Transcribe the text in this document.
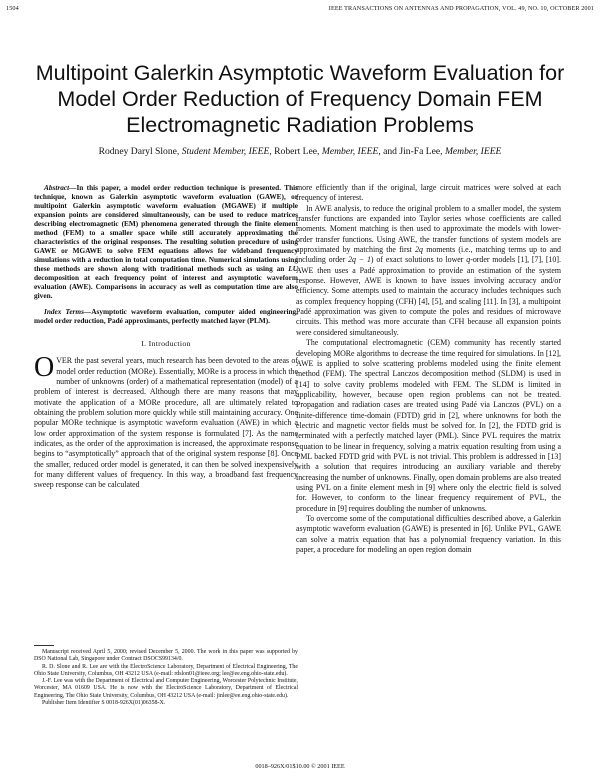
1504	IEEE TRANSACTIONS ON ANTENNAS AND PROPAGATION, VOL. 49, NO. 10, OCTOBER 2001
Multipoint Galerkin Asymptotic Waveform Evaluation for Model Order Reduction of Frequency Domain FEM Electromagnetic Radiation Problems
Rodney Daryl Slone, Student Member, IEEE, Robert Lee, Member, IEEE, and Jin-Fa Lee, Member, IEEE

Abstract—In this paper, a model order reduction technique is presented. This technique, known as Galerkin asymptotic waveform evaluation (GAWE), or multipoint Galerkin asymptotic waveform evaluation (MGAWE) if multiple expansion points are considered simultaneously, can be used to reduce matrices describing electromagnetic (EM) phenomena generated through the finite element method (FEM) to a smaller space while still accurately approximating the characteristics of the original responses. The resulting solution procedure of using GAWE or MGAWE to solve FEM equations allows for wideband frequency simulations with a reduction in total computation time. Numerical simulations using these methods are shown along with traditional methods such as using an LU decomposition at each frequency point of interest and asymptotic waveform evaluation (AWE). Comparisons in accuracy as well as computation time are also given.

Index Terms—Asymptotic waveform evaluation, computer aided engineering, model order reduction, Padé approximants, perfectly matched layer (PLM).

I. Introduction

OVER the past several years, much research has been devoted to the areas of model order reduction (MORe). Essentially, MORe is a process in which the number of unknowns (order) of a mathematical representation (model) of a problem of interest is decreased. Although there are many reasons that may motivate the application of a MORe procedure, all are ultimately related to obtaining the problem solution more quickly while still maintaining accuracy. One popular MORe technique is asymptotic waveform evaluation (AWE) in which a low order approximation of the system response is formulated [7]. As the name indicates, as the order of the approximation is increased, the approximate response begins to “asymptotically” approach that of the original system response [8]. Once the smaller, reduced order model is generated, it can then be solved inexpensively for many different values of frequency. In this way, a broadband fast frequency sweep response can be calculated

more efficiently than if the original, large circuit matrices were solved at each frequency of interest.

In AWE analysis, to reduce the original problem to a smaller model, the system transfer functions are expanded into Taylor series whose coefficients are called moments. Moment matching is then used to approximate the models with lower-order transfer functions. Using AWE, the transfer functions of system models are approximated by matching the first 2q moments (i.e., matching terms up to and including order 2q − 1) of exact solutions to lower q-order models [1], [7], [10]. AWE then uses a Padé approximation to provide an estimation of the system response. However, AWE is known to have issues involving accuracy and/or efficiency. Some attempts used to maintain the accuracy includes techniques such as complex frequency hopping (CFH) [4], [5], and scaling [11]. In [3], a multipoint Padé approximation was given to compute the poles and residues of microwave circuits. This method was more accurate than CFH because all expansion points were considered simultaneously.

The computational electromagnetic (CEM) community has recently started developing MORe algorithms to decrease the time required for simulations. In [12], AWE is applied to solve scattering problems modeled using the finite element method (FEM). The spectral Lanczos decomposition method (SLDM) is used in [14] to solve cavity problems modeled with FEM. The SLDM is limited in applicability, however, because open region problems can not be treated. Propagation and radiation cases are treated using Padé via Lanczos (PVL) on a finite-difference time-domain (FDTD) grid in [2], where unknowns for both the electric and magnetic vector fields must be solved for. In [2], the FDTD grid is terminated with a perfectly matched layer (PML). Since PVL requires the matrix equation to be linear in frequency, solving a matrix equation resulting from using a PML backed FDTD grid with PVL is not trivial. This problem is addressed in [13] with a solution that requires introducing an auxiliary variable and thereby increasing the number of unknowns. Finally, open domain problems are also treated using PVL on a finite element mesh in [9] where only the electric field is solved for. However, to conform to the linear frequency requirement of PVL, the procedure in [9] requires doubling the number of unknowns.

To overcome some of the computational difficulties described above, a Galerkin asymptotic waveform evaluation (GAWE) is presented in [6]. Unlike PVL, GAWE can solve a matrix equation that has a polynomial frequency variation. In this paper, a procedure for modeling an open region domain

Manuscript received April 5, 2000; revised December 5, 2000. The work in this paper was supported by DSO National Lab, Singapore under Contract DSOCS99134/0.

R. D. Slone and R. Lee are with the ElectroScience Laboratory, Department of Electrical Engineering, The Ohio State University, Columbus, OH 43212 USA (e-mail: rdslon01@ieee.org; lee@ee.eng.ohio-state.edu).

J.-F. Lee was with the Department of Electrical and Computer Engineering, Worcester Polytechnic Institute, Worcester, MA 01609 USA. He is now with the ElectroScience Laboratory, Department of Electrical Engineering, The Ohio State University, Columbus, OH 43212 USA (e-mail: jinlee@ee.eng.ohio-state.edu).

Publisher Item Identifier S 0018-926X(01)06358-X.

0018–926X/01$10.00 © 2001 IEEE
